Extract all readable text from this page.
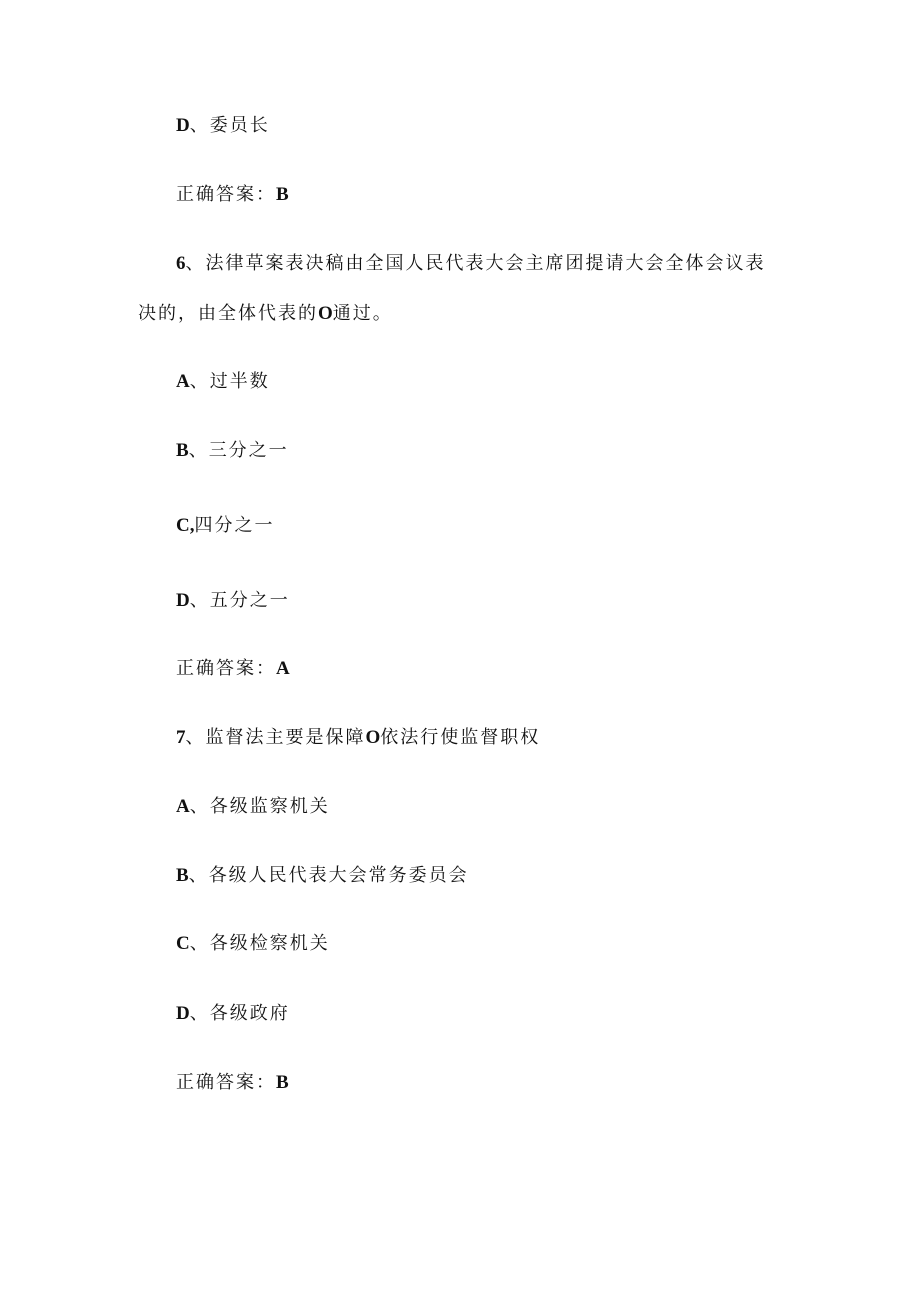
D、委员长

正确答案：B

6、法律草案表决稿由全国人民代表大会主席团提请大会全体会议表

决的，由全体代表的O通过。

A、过半数

B、三分之一

C,四分之一

D、五分之一

正确答案：A

7、监督法主要是保障O依法行使监督职权

A、各级监察机关

B、各级人民代表大会常务委员会

C、各级检察机关

D、各级政府

正确答案：B
